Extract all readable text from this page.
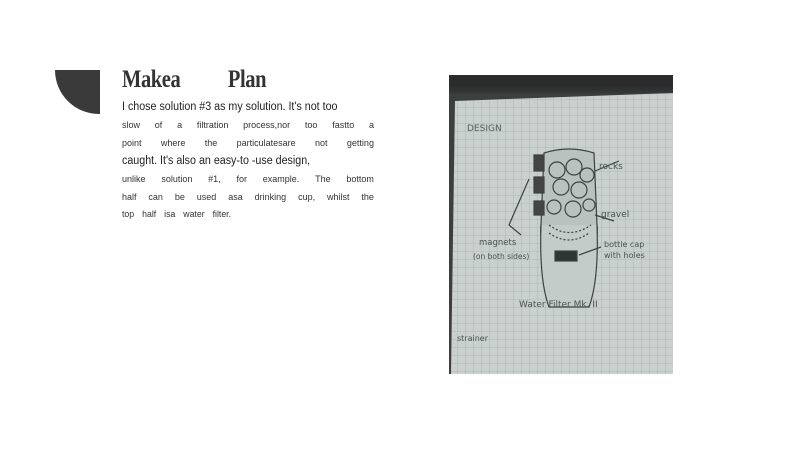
Makea Plan
I chose solution #3 as my solution. It's not too
slow of a filtration process,nor too fastto a
point where the particulatesare not getting
caught. It's also an easy-to -use design,
unlike solution #1, for example. The bottom
half can be used asa drinking cup, whilst the
top half isa water filter.
DESIGN
rocks
gravel
magnets
(on both sides)
bottle cap
with holes
Water Filter Mk. II
strainer
